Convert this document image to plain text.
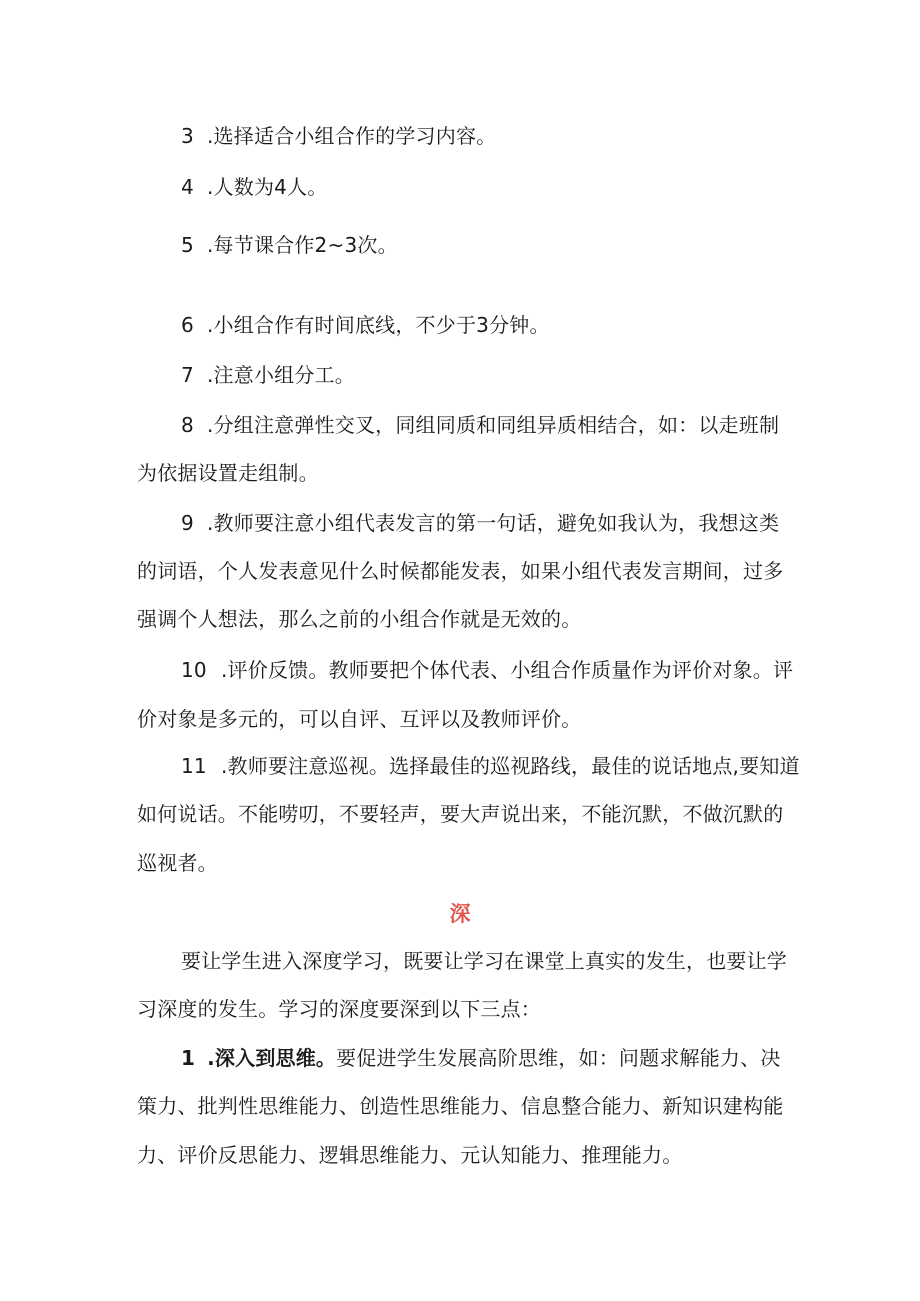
3 .选择适合小组合作的学习内容。
4 .人数为4人。
5 .每节课合作2~3次。
6 .小组合作有时间底线，不少于3分钟。
7 .注意小组分工。
8 .分组注意弹性交叉，同组同质和同组异质相结合，如：以走班制
为依据设置走组制。
9 .教师要注意小组代表发言的第一句话，避免如我认为，我想这类
的词语，个人发表意见什么时候都能发表，如果小组代表发言期间，过多
强调个人想法，那么之前的小组合作就是无效的。
10 .评价反馈。教师要把个体代表、小组合作质量作为评价对象。评
价对象是多元的，可以自评、互评以及教师评价。
11 .教师要注意巡视。选择最佳的巡视路线，最佳的说话地点,要知道
如何说话。不能唠叨，不要轻声，要大声说出来，不能沉默，不做沉默的
巡视者。
深
要让学生进入深度学习，既要让学习在课堂上真实的发生，也要让学
习深度的发生。学习的深度要深到以下三点：
1 .深入到思维。要促进学生发展高阶思维，如：问题求解能力、决
策力、批判性思维能力、创造性思维能力、信息整合能力、新知识建构能
力、评价反思能力、逻辑思维能力、元认知能力、推理能力。
